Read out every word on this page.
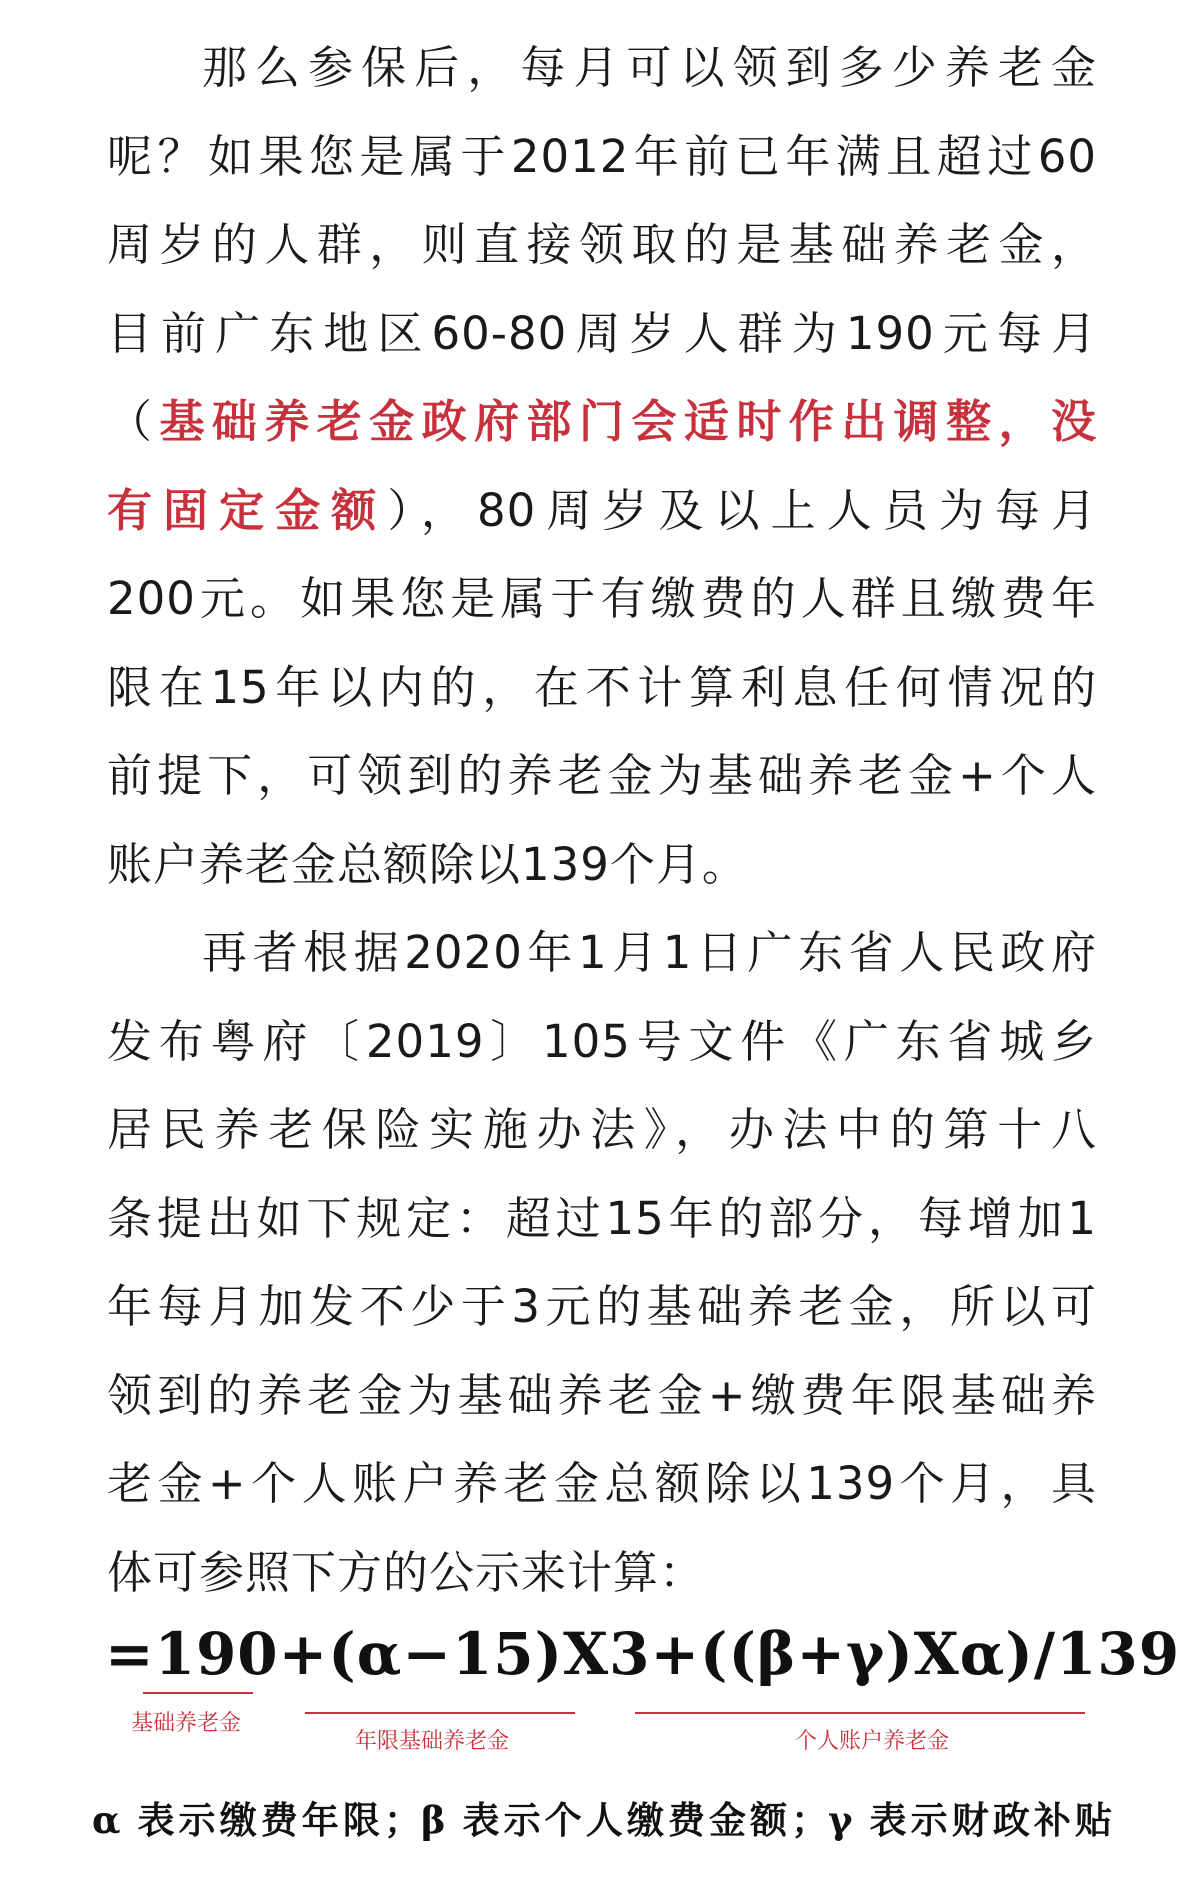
那么参保后，每月可以领到多少养老金
呢？如果您是属于2012年前已年满且超过60
周岁的人群，则直接领取的是基础养老金，
目前广东地区60-80周岁人群为190元每月
（基础养老金政府部门会适时作出调整，没
有固定金额），80周岁及以上人员为每月
200元。如果您是属于有缴费的人群且缴费年
限在15年以内的，在不计算利息任何情况的
前提下，可领到的养老金为基础养老金+个人
账户养老金总额除以139个月。
再者根据2020年1月1日广东省人民政府
发布粤府〔2019〕105号文件《广东省城乡
居民养老保险实施办法》，办法中的第十八
条提出如下规定：超过15年的部分，每增加1
年每月加发不少于3元的基础养老金，所以可
领到的养老金为基础养老金+缴费年限基础养
老金+个人账户养老金总额除以139个月，具
体可参照下方的公示来计算：
=190+(α−15)X3+((β+γ)Xα)/139
基础养老金
年限基础养老金	个人账户养老金
α 表示缴费年限；β 表示个人缴费金额；γ 表示财政补贴
